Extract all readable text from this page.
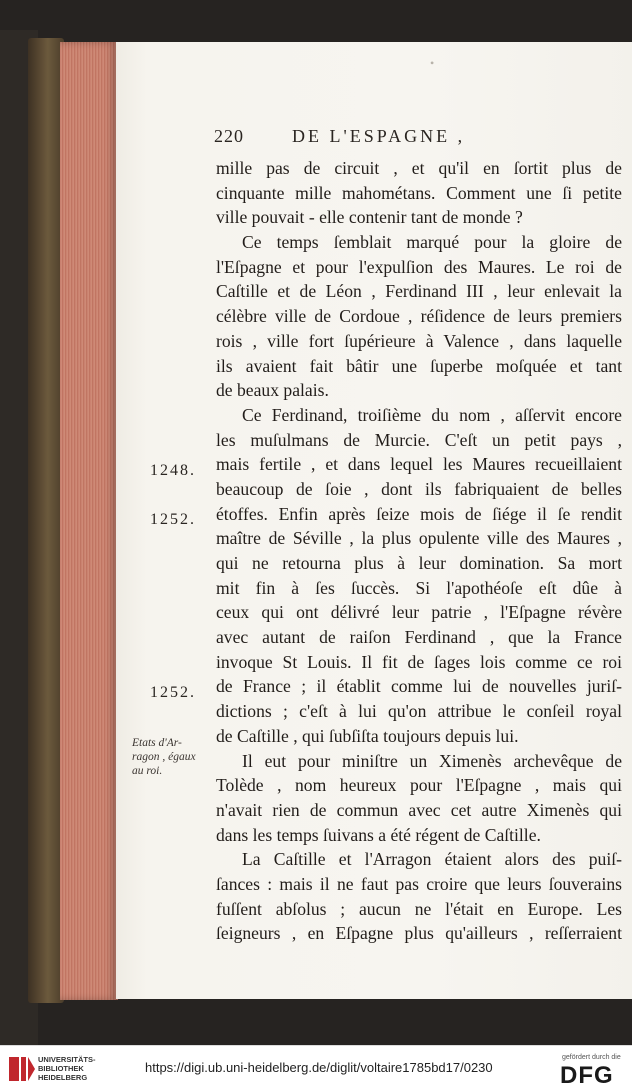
•
220	DE L'ESPAGNE ,
1248.
1252.
1252.
Etats d'Ar-
ragon , égaux
au roi.
mille pas de circuit , et qu'il en ſortit plus de
cinquante mille mahométans. Comment une ſi petite
ville pouvait - elle contenir tant de monde ?
Ce temps ſemblait marqué pour la gloire de
l'Eſpagne et pour l'expulſion des Maures. Le roi de
Caſtille et de Léon , Ferdinand III , leur enlevait la
célèbre ville de Cordoue , réſidence de leurs premiers
rois , ville fort ſupérieure à Valence , dans laquelle
ils avaient fait bâtir une ſuperbe moſquée et tant
de beaux palais.
Ce Ferdinand, troiſième du nom , aſſervit encore
les muſulmans de Murcie. C'eſt un petit pays ,
mais fertile , et dans lequel les Maures recueillaient
beaucoup de ſoie , dont ils fabriquaient de belles
étoffes. Enfin après ſeize mois de ſiége il ſe rendit
maître de Séville , la plus opulente ville des Maures ,
qui ne retourna plus à leur domination. Sa mort
mit fin à ſes ſuccès. Si l'apothéoſe eſt dûe à
ceux qui ont délivré leur patrie , l'Eſpagne révère
avec autant de raiſon Ferdinand , que la France
invoque St Louis. Il fit de ſages lois comme ce roi
de France ; il établit comme lui de nouvelles juriſ-
dictions ; c'eſt à lui qu'on attribue le conſeil royal
de Caſtille , qui ſubſiſta toujours depuis lui.
Il eut pour miniſtre un Ximenès archevêque de
Tolède , nom heureux pour l'Eſpagne , mais qui
n'avait rien de commun avec cet autre Ximenès qui
dans les temps ſuivans a été régent de Caſtille.
La Caſtille et l'Arragon étaient alors des puiſ-
ſances : mais il ne faut pas croire que leurs ſouverains
fuſſent abſolus ; aucun ne l'était en Europe. Les
ſeigneurs , en Eſpagne plus qu'ailleurs , reſſerraient
UNIVERSITÄTS-
BIBLIOTHEK
HEIDELBERG
https://digi.ub.uni-heidelberg.de/diglit/voltaire1785bd17/0230
gefördert durch die
DFG
